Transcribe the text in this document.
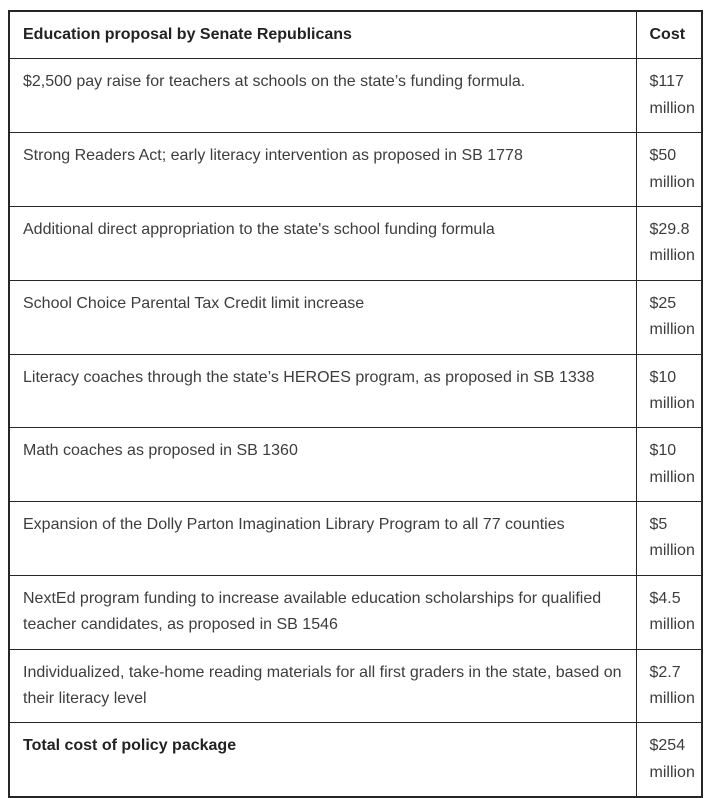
Education proposal by Senate Republicans	Cost
$2,500 pay raise for teachers at schools on the state’s funding formula.	$117 million
Strong Readers Act; early literacy intervention as proposed in SB 1778	$50 million
Additional direct appropriation to the state's school funding formula	$29.8 million
School Choice Parental Tax Credit limit increase	$25 million
Literacy coaches through the state’s HEROES program, as proposed in SB 1338	$10 million
Math coaches as proposed in SB 1360	$10 million
Expansion of the Dolly Parton Imagination Library Program to all 77 counties	$5 million
NextEd program funding to increase available education scholarships for qualified teacher candidates, as proposed in SB 1546	$4.5 million
Individualized, take-home reading materials for all first graders in the state, based on their literacy level	$2.7 million
Total cost of policy package	$254 million
